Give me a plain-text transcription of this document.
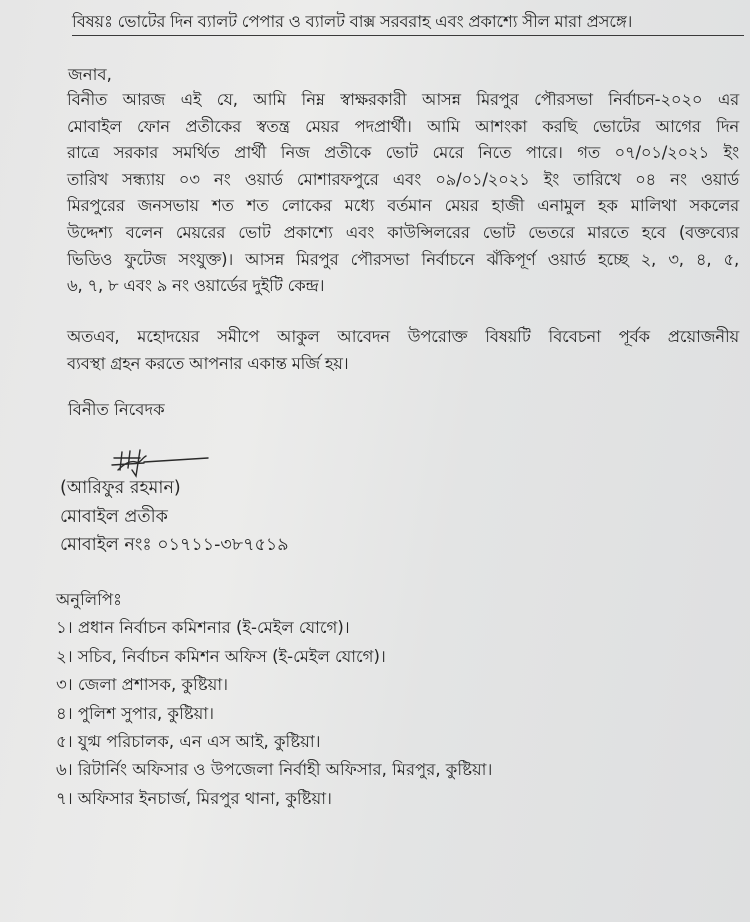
বিষয়ঃ ভোটের দিন ব্যালট পেপার ও ব্যালট বাক্স সরবরাহ এবং প্রকাশ্যে সীল মারা প্রসঙ্গে।
জনাব,
বিনীত আরজ এই যে, আমি নিম্ন স্বাক্ষরকারী আসন্ন মিরপুর পৌরসভা নির্বাচন-২০২০ এর
মোবাইল ফোন প্রতীকের স্বতন্ত্র মেয়র পদপ্রার্থী। আমি আশংকা করছি ভোটের আগের দিন
রাত্রে সরকার সমর্থিত প্রার্থী নিজ প্রতীকে ভোট মেরে নিতে পারে। গত ০৭/০১/২০২১ ইং
তারিখ সন্ধ্যায় ০৩ নং ওয়ার্ড মোশারফপুরে এবং ০৯/০১/২০২১ ইং তারিখে ০৪ নং ওয়ার্ড
মিরপুরের জনসভায় শত শত লোকের মধ্যে বর্তমান মেয়র হাজী এনামুল হক মালিথা সকলের
উদ্দেশ্য বলেন মেয়রের ভোট প্রকাশ্যে এবং কাউন্সিলরের ভোট ভেতরে মারতে হবে (বক্তব্যের
ভিডিও ফুটেজ সংযুক্ত)। আসন্ন মিরপুর পৌরসভা নির্বাচনে ঝঁকিপূর্ণ ওয়ার্ড হচ্ছে ২, ৩, ৪, ৫,
৬, ৭, ৮ এবং ৯ নং ওয়ার্ডের দুইটি কেন্দ্র।
অতএব, মহোদয়ের সমীপে আকুল আবেদন উপরোক্ত বিষয়টি বিবেচনা পূর্বক প্রয়োজনীয়
ব্যবস্থা গ্রহন করতে আপনার একান্ত মর্জি হয়।
বিনীত নিবেদক
(আরিফুর রহমান)
মোবাইল প্রতীক
মোবাইল নংঃ ০১৭১১-৩৮৭৫১৯
অনুলিপিঃ
১। প্রধান নির্বাচন কমিশনার (ই-মেইল যোগে)।
২। সচিব, নির্বাচন কমিশন অফিস (ই-মেইল যোগে)।
৩। জেলা প্রশাসক, কুষ্টিয়া।
৪। পুলিশ সুপার, কুষ্টিয়া।
৫। যুগ্ম পরিচালক, এন এস আই, কুষ্টিয়া।
৬। রিটার্নিং অফিসার ও উপজেলা নির্বাহী অফিসার, মিরপুর, কুষ্টিয়া।
৭। অফিসার ইনচার্জ, মিরপুর থানা, কুষ্টিয়া।
